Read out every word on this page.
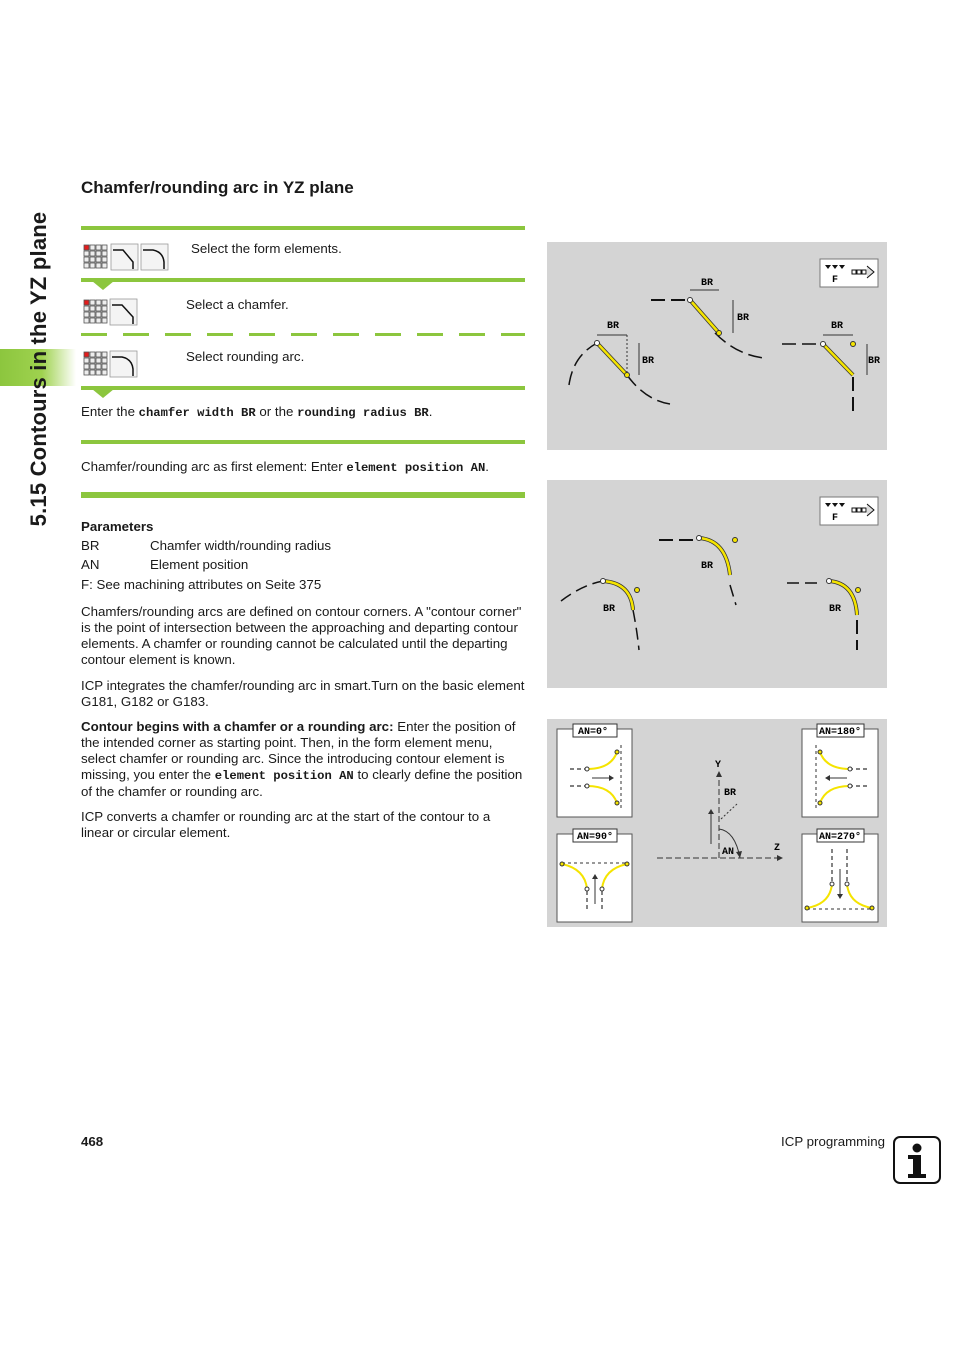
5.15 Contours in the YZ plane
Chamfer/rounding arc in YZ plane
Select the form elements.
Select a chamfer.
Select rounding arc.
Enter the chamfer width BR or the rounding radius BR.
Chamfer/rounding arc as first element: Enter element position AN.
Parameters
BR	Chamfer width/rounding radius
AN	Element position
F: See machining attributes on Seite 375
Chamfers/rounding arcs are defined on contour corners. A "contour corner" is the point of intersection between the approaching and departing contour elements. A chamfer or rounding cannot be calculated until the departing contour element is known.
ICP integrates the chamfer/rounding arc in smart.Turn on the basic element G181, G182 or G183.
Contour begins with a chamfer or a rounding arc: Enter the position of the intended corner as starting point. Then, in the form element menu, select chamfer or rounding arc. Since the introducing contour element is missing, you enter the element position AN to clearly define the position of the chamfer or rounding arc.
ICP converts a chamfer or rounding arc at the start of the contour to a linear or circular element.
F
BR
BR
BR
BR
BR
BR
F
BR
BR
BR
AN=0°	AN=180°
AN=90°	AN=270°
Z
Y
BR
AN
468	ICP programming
